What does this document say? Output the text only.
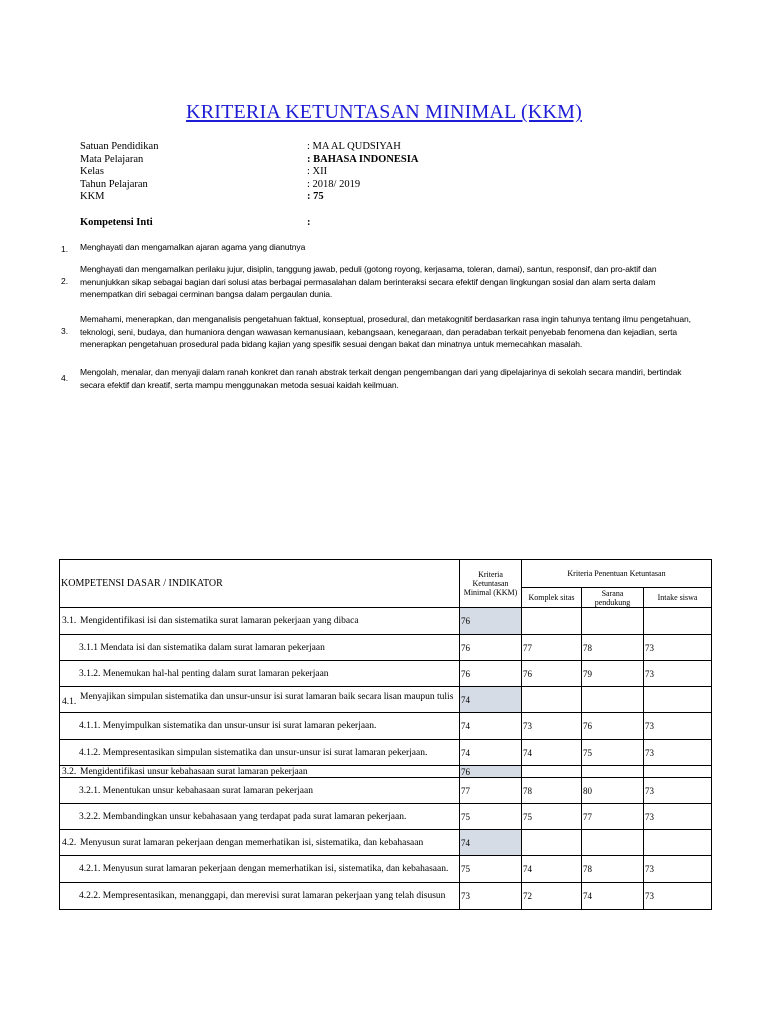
KRITERIA KETUNTASAN MINIMAL (KKM)
Satuan Pendidikan	: MA AL QUDSIYAH
Mata Pelajaran	: BAHASA INDONESIA
Kelas	: XII
Tahun Pelajaran	: 2018/ 2019
KKM	: 75
Kompetensi Inti	:
1. Menghayati dan mengamalkan ajaran agama yang dianutnya
2.
Menghayati dan mengamalkan perilaku jujur, disiplin, tanggung jawab, peduli (gotong royong, kerjasama, toleran, damai), santun, responsif, dan pro-aktif dan menunjukkan sikap sebagai bagian dari solusi atas berbagai permasalahan dalam berinteraksi secara efektif dengan lingkungan sosial dan alam serta dalam menempatkan diri sebagai cerminan bangsa dalam pergaulan dunia.
3.
Memahami, menerapkan, dan menganalisis pengetahuan faktual, konseptual, prosedural, dan metakognitif berdasarkan rasa ingin tahunya tentang ilmu pengetahuan, teknologi, seni, budaya, dan humaniora dengan wawasan kemanusiaan, kebangsaan, kenegaraan, dan peradaban terkait penyebab fenomena dan kejadian, serta menerapkan pengetahuan prosedural pada bidang kajian yang spesifik sesuai dengan bakat dan minatnya untuk memecahkan masalah.
4.
Mengolah, menalar, dan menyaji dalam ranah konkret dan ranah abstrak terkait dengan pengembangan dari yang dipelajarinya di sekolah secara mandiri, bertindak secara efektif dan kreatif, serta mampu menggunakan metoda sesuai kaidah keilmuan.
KOMPETENSI DASAR / INDIKATOR	Kriteria Ketuntasan Minimal (KKM)	Kriteria Penentuan Ketuntasan		
		Komplek sitas	Sarana pendukung	Intake siswa
3.1. Mengidentifikasi isi dan sistematika surat lamaran pekerjaan yang dibaca	76			
3.1.1 Mendata isi dan sistematika dalam surat lamaran pekerjaan	76	77	78	73
3.1.2. Menemukan hal-hal penting dalam surat lamaran pekerjaan	76	76	79	73
4.1. Menyajikan simpulan sistematika dan unsur-unsur isi surat lamaran baik secara lisan maupun tulis	74			
4.1.1. Menyimpulkan sistematika dan unsur-unsur isi surat lamaran pekerjaan.	74	73	76	73
4.1.2. Mempresentasikan simpulan sistematika dan unsur-unsur isi surat lamaran pekerjaan.	74	74	75	73
3.2. Mengidentifikasi unsur kebahasaan surat lamaran pekerjaan	76			
3.2.1. Menentukan unsur kebahasaan surat lamaran pekerjaan	77	78	80	73
3.2.2. Membandingkan unsur kebahasaan yang terdapat pada surat lamaran pekerjaan.	75	75	77	73
4.2. Menyusun surat lamaran pekerjaan dengan memerhatikan isi, sistematika, dan kebahasaan	74			
4.2.1. Menyusun surat lamaran pekerjaan dengan memerhatikan isi, sistematika, dan kebahasaan.	75	74	78	73
4.2.2. Mempresentasikan, menanggapi, dan merevisi surat lamaran pekerjaan yang telah disusun	73	72	74	73
